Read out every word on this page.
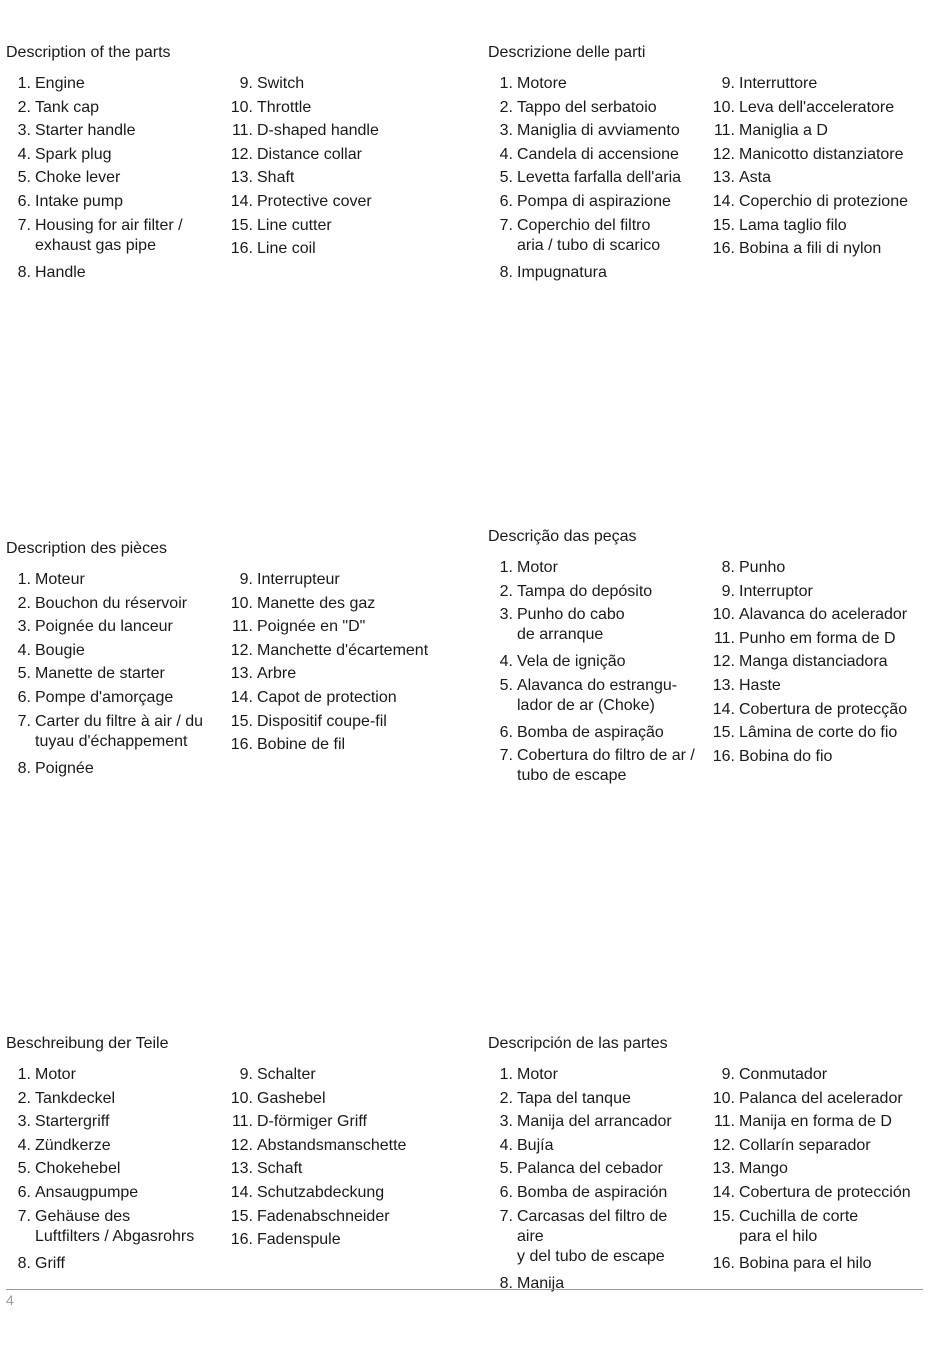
Description of the parts
1. Engine
2. Tank cap
3. Starter handle
4. Spark plug
5. Choke lever
6. Intake pump
7. Housing for air filter /
exhaust gas pipe
8. Handle
9. Switch
10. Throttle
11. D-shaped handle
12. Distance collar
13. Shaft
14. Protective cover
15. Line cutter
16. Line coil
Descrizione delle parti
1. Motore
2. Tappo del serbatoio
3. Maniglia di avviamento
4. Candela di accensione
5. Levetta farfalla dell'aria
6. Pompa di aspirazione
7. Coperchio del filtro
aria / tubo di scarico
8. Impugnatura
9. Interruttore
10. Leva dell'acceleratore
11. Maniglia a D
12. Manicotto distanziatore
13. Asta
14. Coperchio di protezione
15. Lama taglio filo
16. Bobina a fili di nylon
Description des pièces
1. Moteur
2. Bouchon du réservoir
3. Poignée du lanceur
4. Bougie
5. Manette de starter
6. Pompe d'amorçage
7. Carter du filtre à air / du
tuyau d'échappement
8. Poignée
9. Interrupteur
10. Manette des gaz
11. Poignée en "D"
12. Manchette d'écartement
13. Arbre
14. Capot de protection
15. Dispositif coupe-fil
16. Bobine de fil
Descrição das peças
1. Motor
2. Tampa do depósito
3. Punho do cabo
de arranque
4. Vela de ignição
5. Alavanca do estrangu-
lador de ar (Choke)
6. Bomba de aspiração
7. Cobertura do filtro de ar /
tubo de escape
8. Punho
9. Interruptor
10. Alavanca do acelerador
11. Punho em forma de D
12. Manga distanciadora
13. Haste
14. Cobertura de protecção
15. Lâmina de corte do fio
16. Bobina do fio
Beschreibung der Teile
1. Motor
2. Tankdeckel
3. Startergriff
4. Zündkerze
5. Chokehebel
6. Ansaugpumpe
7. Gehäuse des
Luftfilters / Abgasrohrs
8. Griff
9. Schalter
10. Gashebel
11. D-förmiger Griff
12. Abstandsmanschette
13. Schaft
14. Schutzabdeckung
15. Fadenabschneider
16. Fadenspule
Descripción de las partes
1. Motor
2. Tapa del tanque
3. Manija del arrancador
4. Bujía
5. Palanca del cebador
6. Bomba de aspiración
7. Carcasas del filtro de aire
y del tubo de escape
8. Manija
9. Conmutador
10. Palanca del acelerador
11. Manija en forma de D
12. Collarín separador
13. Mango
14. Cobertura de protección
15. Cuchilla de corte
para el hilo
16. Bobina para el hilo
4
